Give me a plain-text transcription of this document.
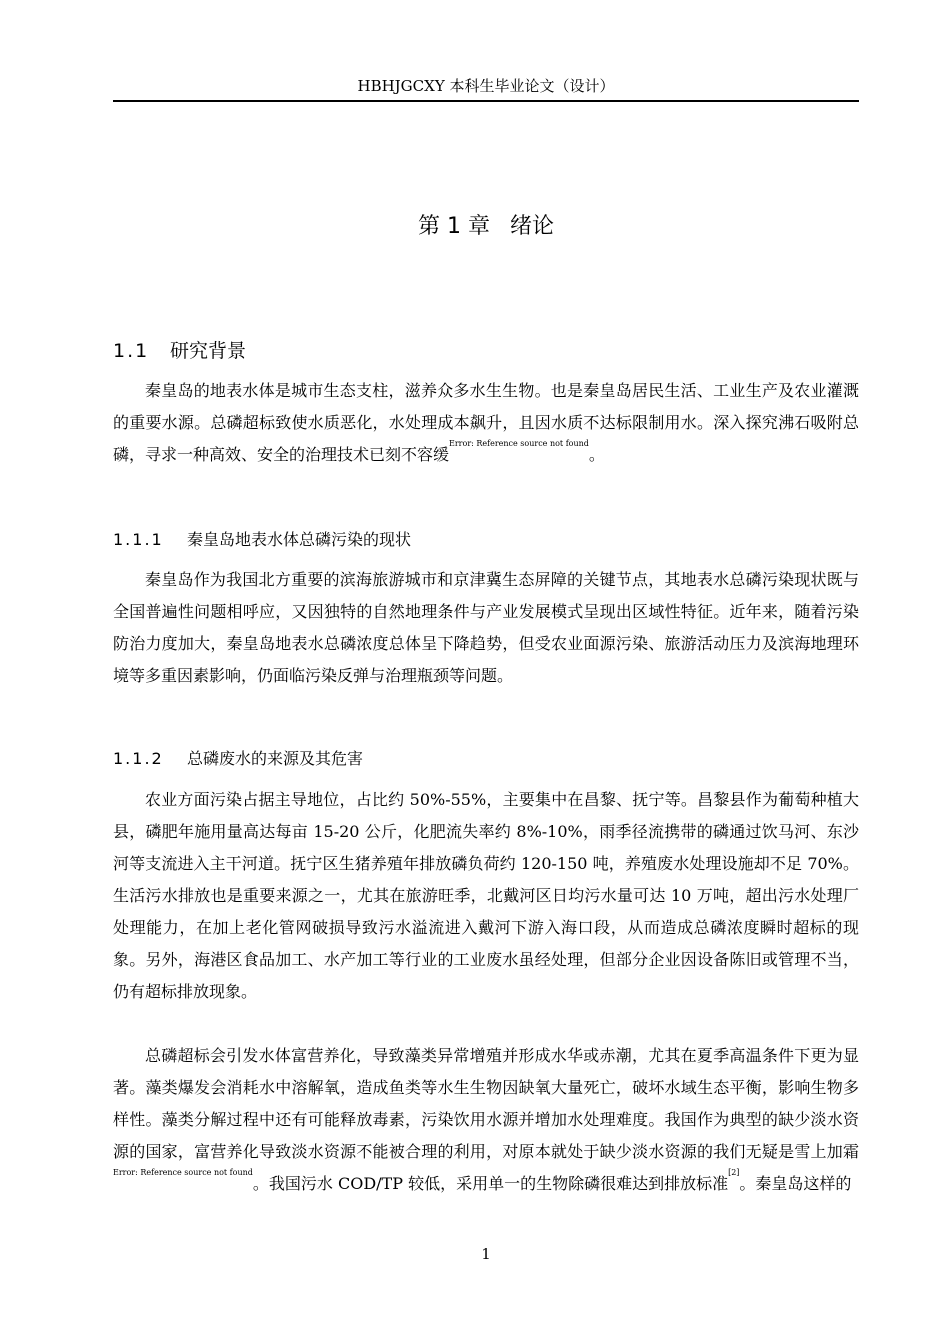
HBHJGCXY 本科生毕业论文（设计）
第 1 章 绪论
1.1 研究背景

秦皇岛的地表水体是城市生态支柱，滋养众多水生生物。也是秦皇岛居民生活、工业生产及农业灌溉的重要水源。总磷超标致使水质恶化，水处理成本飙升，且因水质不达标限制用水。深入探究沸石吸附总磷，寻求一种高效、安全的治理技术已刻不容缓$^{Error: Reference source not found}$。

1.1.1 秦皇岛地表水体总磷污染的现状

秦皇岛作为我国北方重要的滨海旅游城市和京津冀生态屏障的关键节点，其地表水总磷污染现状既与全国普遍性问题相呼应，又因独特的自然地理条件与产业发展模式呈现出区域性特征。近年来，随着污染防治力度加大，秦皇岛地表水总磷浓度总体呈下降趋势，但受农业面源污染、旅游活动压力及滨海地理环境等多重因素影响，仍面临污染反弹与治理瓶颈等问题。

1.1.2 总磷废水的来源及其危害

农业方面污染占据主导地位，占比约 50%-55%，主要集中在昌黎、抚宁等。昌黎县作为葡萄种植大县，磷肥年施用量高达每亩 15-20 公斤，化肥流失率约 8%-10%，雨季径流携带的磷通过饮马河、东沙河等支流进入主干河道。抚宁区生猪养殖年排放磷负荷约 120-150 吨，养殖废水处理设施却不足 70%。生活污水排放也是重要来源之一，尤其在旅游旺季，北戴河区日均污水量可达 10 万吨，超出污水处理厂处理能力，在加上老化管网破损导致污水溢流进入戴河下游入海口段，从而造成总磷浓度瞬时超标的现象。另外，海港区食品加工、水产加工等行业的工业废水虽经处理，但部分企业因设备陈旧或管理不当，仍有超标排放现象。

总磷超标会引发水体富营养化，导致藻类异常增殖并形成水华或赤潮，尤其在夏季高温条件下更为显著。藻类爆发会消耗水中溶解氧，造成鱼类等水生生物因缺氧大量死亡，破坏水域生态平衡，影响生物多样性。藻类分解过程中还有可能释放毒素，污染饮用水源并增加水处理难度。我国作为典型的缺少淡水资源的国家，富营养化导致淡水资源不能被合理的利用，对原本就处于缺少淡水资源的我们无疑是雪上加霜$^{Error: Reference source not found}$。我国污水 COD/TP 较低，采用单一的生物除磷很难达到排放标准[2]。秦皇岛这样的

1
